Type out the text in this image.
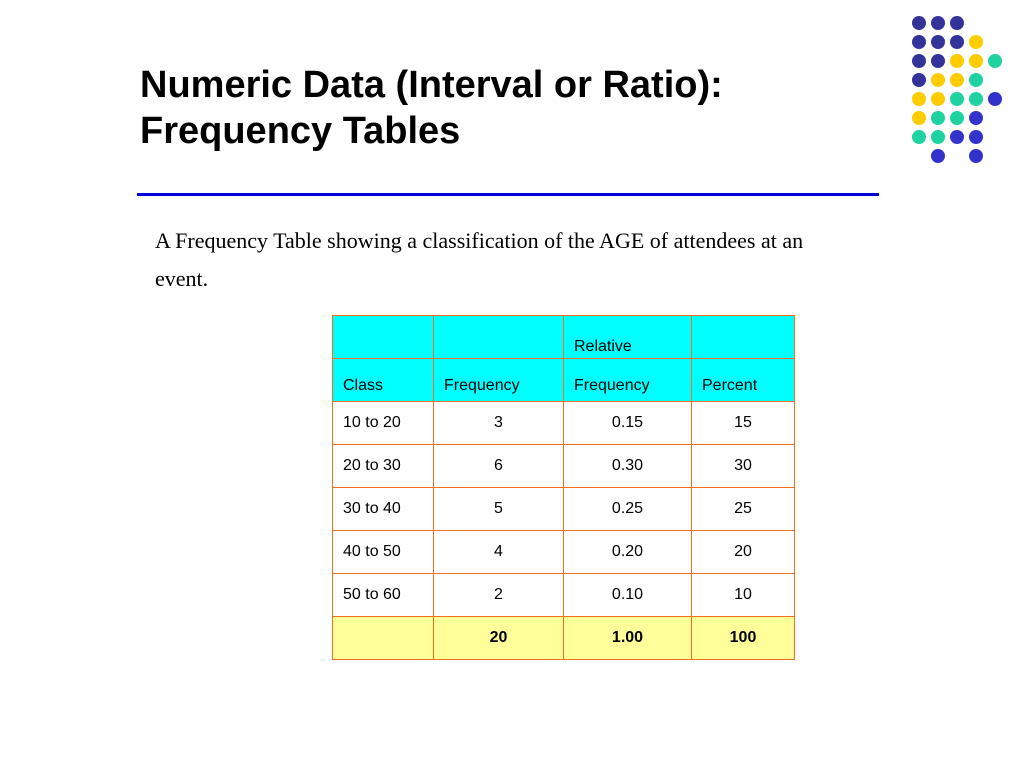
Numeric Data (Interval or Ratio):
Frequency Tables

A Frequency Table showing a classification of the AGE of attendees at an event.

		Relative	
Class	Frequency	Frequency	Percent
10 to 20	3	0.15	15
20 to 30	6	0.30	30
30 to 40	5	0.25	25
40 to 50	4	0.20	20
50 to 60	2	0.10	10
	20	1.00	100
